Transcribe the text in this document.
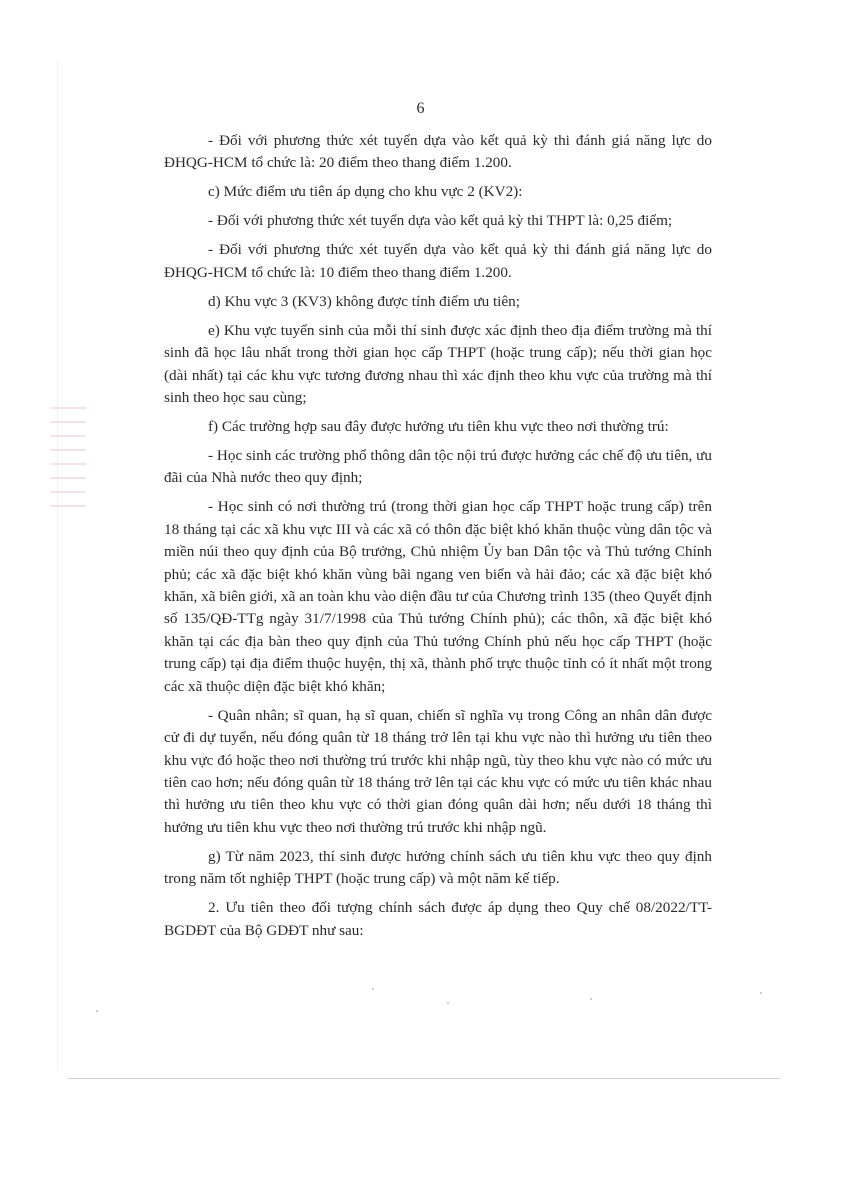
6

- Đối với phương thức xét tuyển dựa vào kết quả kỳ thi đánh giá năng lực do ĐHQG-HCM tổ chức là: 20 điểm theo thang điểm 1.200.

c) Mức điểm ưu tiên áp dụng cho khu vực 2 (KV2):

- Đối với phương thức xét tuyển dựa vào kết quả kỳ thi THPT là: 0,25 điểm;

- Đối với phương thức xét tuyển dựa vào kết quả kỳ thi đánh giá năng lực do ĐHQG-HCM tổ chức là: 10 điểm theo thang điểm 1.200.

d) Khu vực 3 (KV3) không được tính điểm ưu tiên;

e) Khu vực tuyển sinh của mỗi thí sinh được xác định theo địa điểm trường mà thí sinh đã học lâu nhất trong thời gian học cấp THPT (hoặc trung cấp); nếu thời gian học (dài nhất) tại các khu vực tương đương nhau thì xác định theo khu vực của trường mà thí sinh theo học sau cùng;

f) Các trường hợp sau đây được hưởng ưu tiên khu vực theo nơi thường trú:

- Học sinh các trường phổ thông dân tộc nội trú được hưởng các chế độ ưu tiên, ưu đãi của Nhà nước theo quy định;

- Học sinh có nơi thường trú (trong thời gian học cấp THPT hoặc trung cấp) trên 18 tháng tại các xã khu vực III và các xã có thôn đặc biệt khó khăn thuộc vùng dân tộc và miền núi theo quy định của Bộ trưởng, Chủ nhiệm Ủy ban Dân tộc và Thủ tướng Chính phủ; các xã đặc biệt khó khăn vùng bãi ngang ven biển và hải đảo; các xã đặc biệt khó khăn, xã biên giới, xã an toàn khu vào diện đầu tư của Chương trình 135 (theo Quyết định số 135/QĐ-TTg ngày 31/7/1998 của Thủ tướng Chính phủ); các thôn, xã đặc biệt khó khăn tại các địa bàn theo quy định của Thủ tướng Chính phủ nếu học cấp THPT (hoặc trung cấp) tại địa điểm thuộc huyện, thị xã, thành phố trực thuộc tỉnh có ít nhất một trong các xã thuộc diện đặc biệt khó khăn;

- Quân nhân; sĩ quan, hạ sĩ quan, chiến sĩ nghĩa vụ trong Công an nhân dân được cử đi dự tuyển, nếu đóng quân từ 18 tháng trở lên tại khu vực nào thì hưởng ưu tiên theo khu vực đó hoặc theo nơi thường trú trước khi nhập ngũ, tùy theo khu vực nào có mức ưu tiên cao hơn; nếu đóng quân từ 18 tháng trở lên tại các khu vực có mức ưu tiên khác nhau thì hưởng ưu tiên theo khu vực có thời gian đóng quân dài hơn; nếu dưới 18 tháng thì hưởng ưu tiên khu vực theo nơi thường trú trước khi nhập ngũ.

g) Từ năm 2023, thí sinh được hưởng chính sách ưu tiên khu vực theo quy định trong năm tốt nghiệp THPT (hoặc trung cấp) và một năm kế tiếp.

2. Ưu tiên theo đối tượng chính sách được áp dụng theo Quy chế 08/2022/TT-BGDĐT của Bộ GDĐT như sau:
